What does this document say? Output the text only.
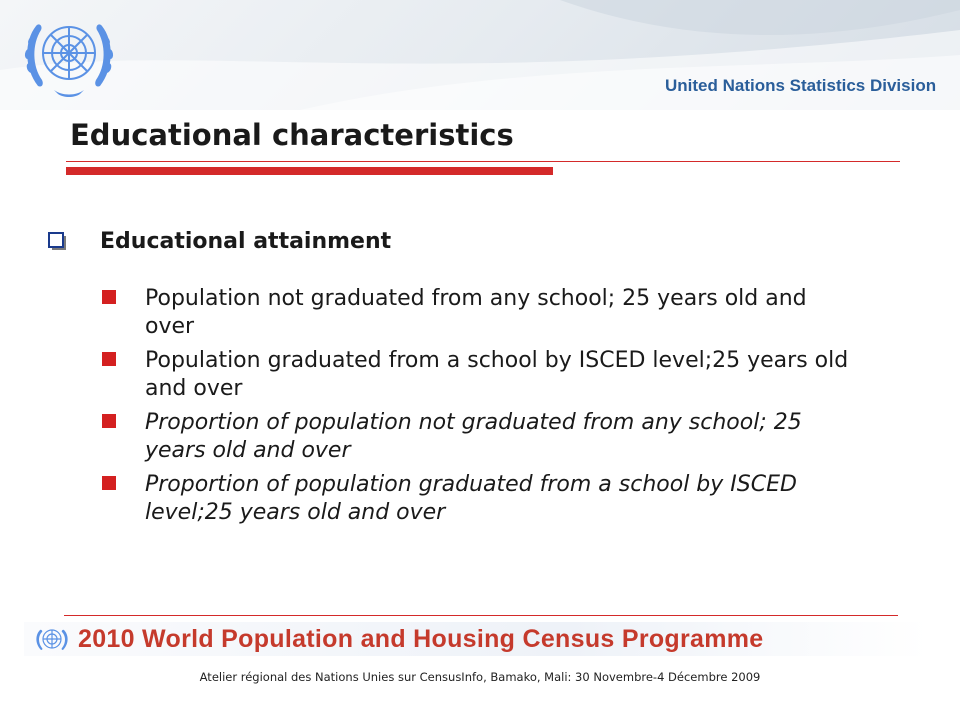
United Nations Statistics Division
Educational characteristics
Educational attainment
Population not graduated from any school; 25 years old and over
Population graduated from a school by ISCED level;25 years old and over
Proportion of population not graduated from any school; 25 years old and over
Proportion of population graduated from a school by ISCED level;25 years old and over
2010 World Population and Housing Census Programme
Atelier régional des Nations Unies sur CensusInfo, Bamako, Mali: 30 Novembre-4 Décembre 2009
